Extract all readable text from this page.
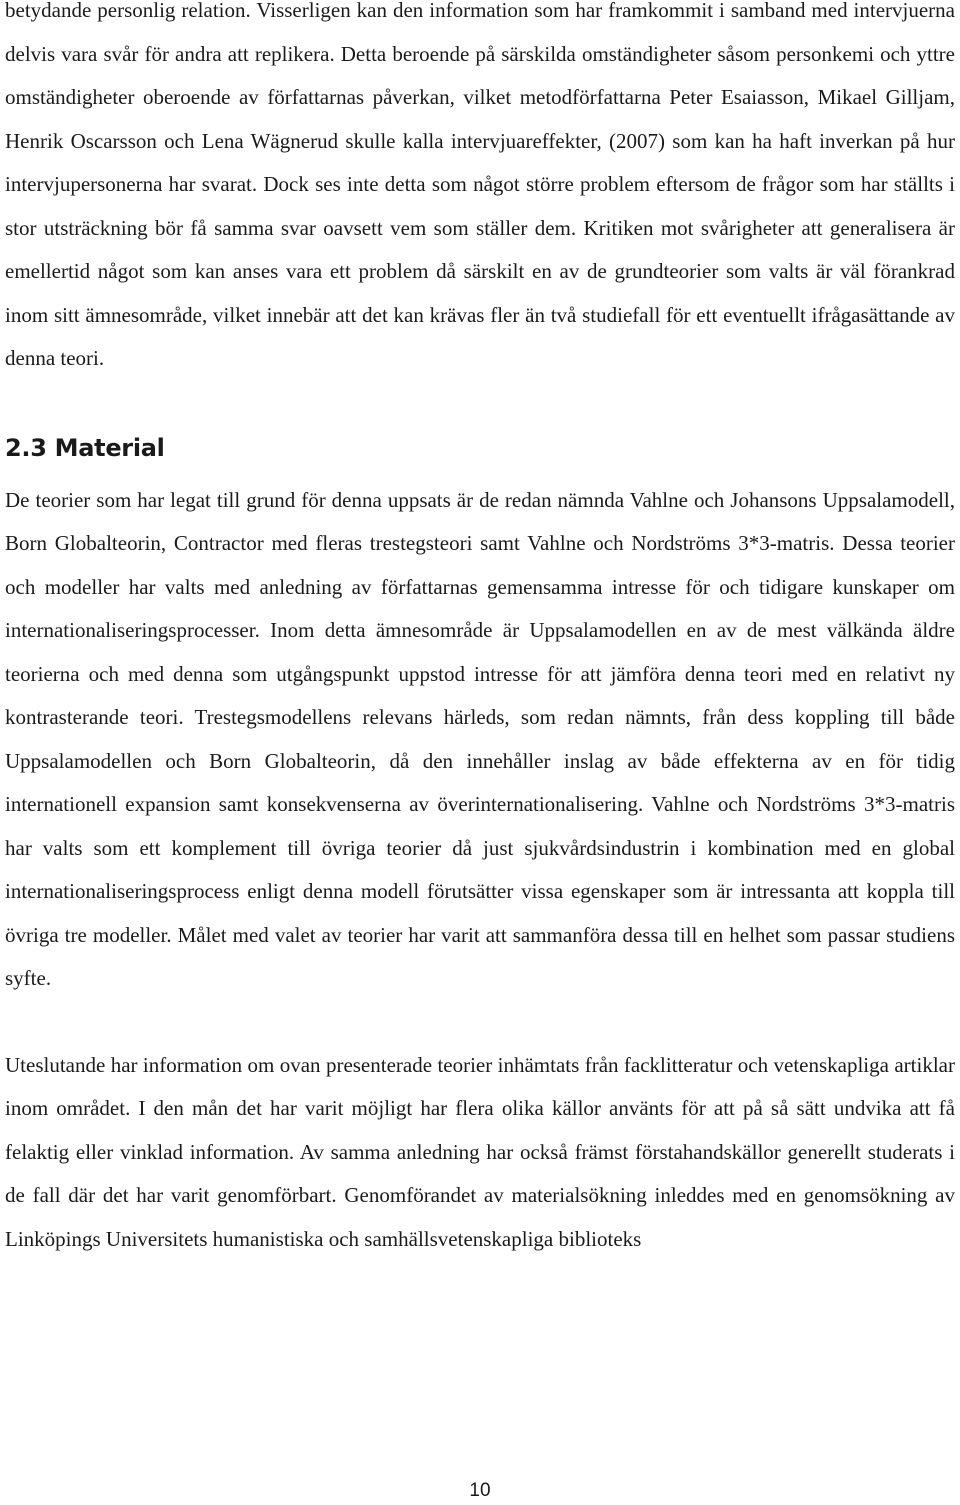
betydande personlig relation. Visserligen kan den information som har framkommit i samband med intervjuerna delvis vara svår för andra att replikera. Detta beroende på särskilda omständigheter såsom personkemi och yttre omständigheter oberoende av författarnas påverkan, vilket metodförfattarna Peter Esaiasson, Mikael Gilljam, Henrik Oscarsson och Lena Wägnerud skulle kalla intervjuareffekter, (2007) som kan ha haft inverkan på hur intervjupersonerna har svarat. Dock ses inte detta som något större problem eftersom de frågor som har ställts i stor utsträckning bör få samma svar oavsett vem som ställer dem. Kritiken mot svårigheter att generalisera är emellertid något som kan anses vara ett problem då särskilt en av de grundteorier som valts är väl förankrad inom sitt ämnesområde, vilket innebär att det kan krävas fler än två studiefall för ett eventuellt ifrågasättande av denna teori.

2.3 Material

De teorier som har legat till grund för denna uppsats är de redan nämnda Vahlne och Johansons Uppsalamodell, Born Globalteorin, Contractor med fleras trestegsteori samt Vahlne och Nordströms 3*3-matris. Dessa teorier och modeller har valts med anledning av författarnas gemensamma intresse för och tidigare kunskaper om internationaliseringsprocesser. Inom detta ämnesområde är Uppsalamodellen en av de mest välkända äldre teorierna och med denna som utgångspunkt uppstod intresse för att jämföra denna teori med en relativt ny kontrasterande teori. Trestegsmodellens relevans härleds, som redan nämnts, från dess koppling till både Uppsalamodellen och Born Globalteorin, då den innehåller inslag av både effekterna av en för tidig internationell expansion samt konsekvenserna av överinternationalisering. Vahlne och Nordströms 3*3-matris har valts som ett komplement till övriga teorier då just sjukvårdsindustrin i kombination med en global internationaliseringsprocess enligt denna modell förutsätter vissa egenskaper som är intressanta att koppla till övriga tre modeller. Målet med valet av teorier har varit att sammanföra dessa till en helhet som passar studiens syfte.

Uteslutande har information om ovan presenterade teorier inhämtats från facklitteratur och vetenskapliga artiklar inom området. I den mån det har varit möjligt har flera olika källor använts för att på så sätt undvika att få felaktig eller vinklad information. Av samma anledning har också främst förstahandskällor generellt studerats i de fall där det har varit genomförbart. Genomförandet av materialsökning inleddes med en genomsökning av Linköpings Universitets humanistiska och samhällsvetenskapliga biblioteks

10
